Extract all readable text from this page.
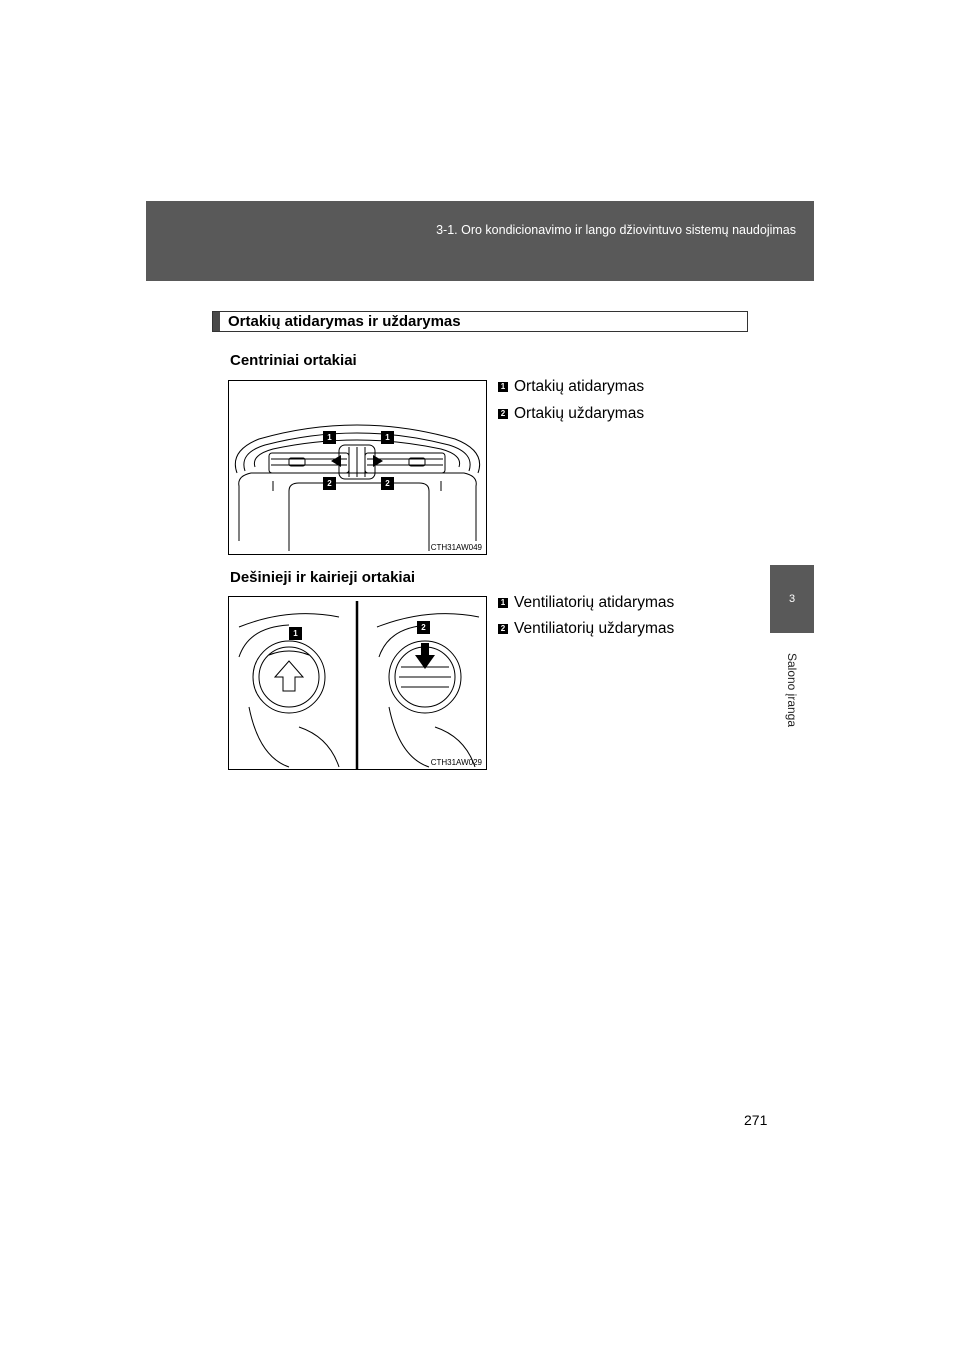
3-1. Oro kondicionavimo ir lango džiovintuvo sistemų naudojimas
3
Salono įranga
Ortakių atidarymas ir uždarymas
Centriniai ortakiai
1	1
2	2
CTH31AW049
1 Ortakių atidarymas
2 Ortakių uždarymas
Dešinieji ir kairieji ortakiai
1
2
CTH31AW029
1 Ventiliatorių atidarymas
2 Ventiliatorių uždarymas
271
